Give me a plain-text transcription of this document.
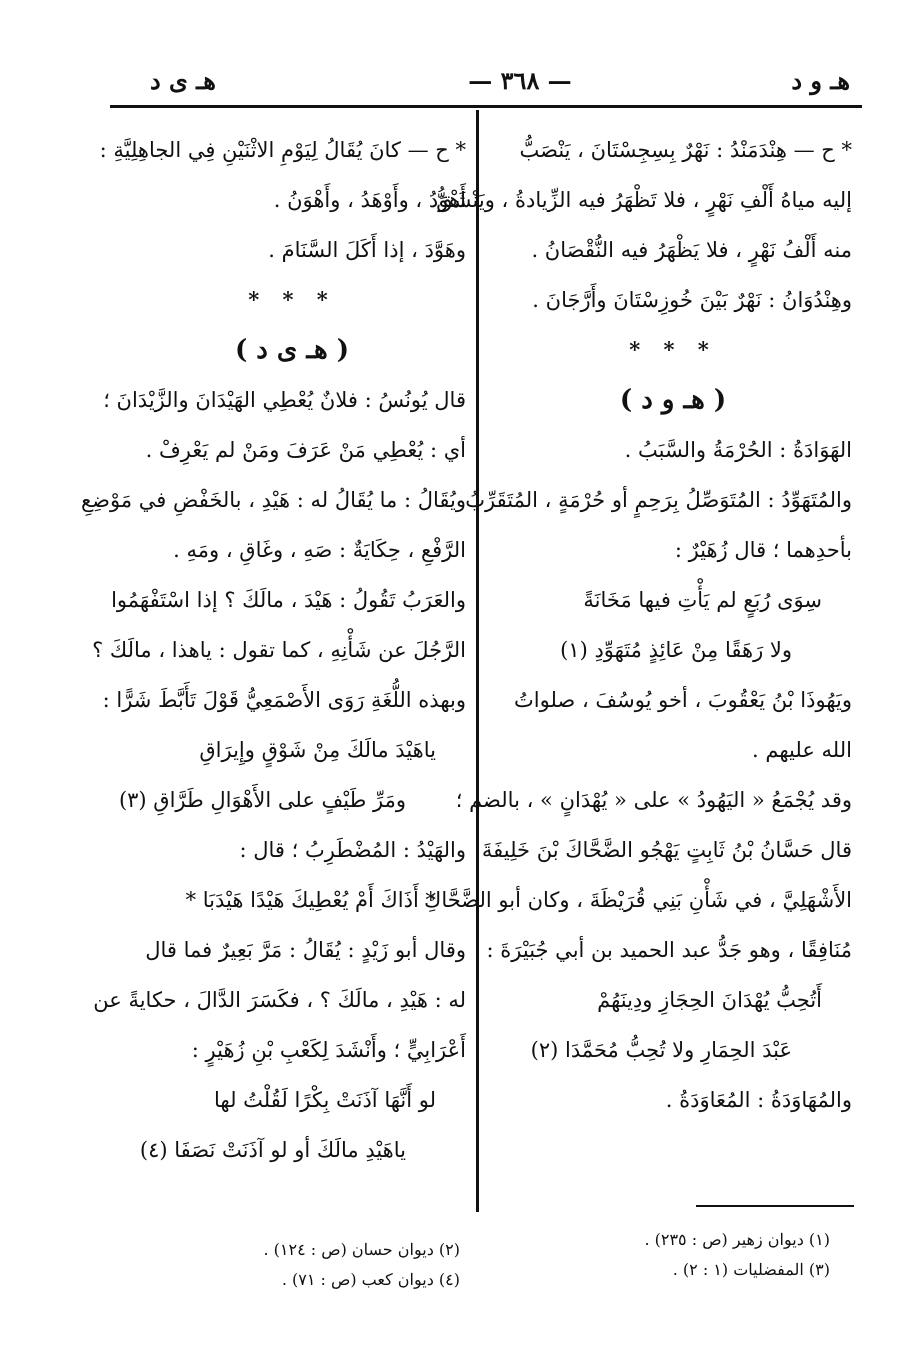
هـ ى د	— ٣٦٨ —	هـ و د
* ح — هِنْدَمَنْدُ : نَهْرٌ بِسِجِسْتَانَ ، يَنْصَبُّ
إليه مياهُ أَلْفِ نَهْرٍ ، فلا تَظْهَرُ فيه الزِّيادةُ ، ويَنْشَقُّ
منه أَلْفُ نَهْرٍ ، فلا يَظْهَرُ فيه النُّقْصَانُ .
وهِنْدُوَانُ : نَهْرٌ بَيْنَ خُوزِسْتَانَ وأَرَّجَانَ .
* * *
( هـ و د )
الهَوَادَةُ : الحُرْمَةُ والسَّبَبُ .
والمُتَهَوِّدُ : المُتَوَصِّلُ بِرَحِمٍ أو حُرْمَةٍ ، المُتَقَرِّبُ
بأحدِهما ؛ قال زُهَيْرٌ :
سِوَى رُبَعٍ لم يَأْتِ فيها مَخَانَةً
ولا رَهَقًا مِنْ عَائِذٍ مُتَهَوِّدِ (١)
ويَهُوذَا بْنُ يَعْقُوبَ ، أخو يُوسُفَ ، صلواتُ
الله عليهم .
وقد يُجْمَعُ « اليَهُودُ » على « يُهْدَانٍ » ، بالضم ؛
قال حَسَّانُ بْنُ ثَابِتٍ يَهْجُو الضَّحَّاكَ بْنَ خَلِيفَةَ
الأَشْهَلِيَّ ، في شَأْنِ بَنِي قُرَيْظَةَ ، وكان أبو الضَّحَّاكِ
مُنَافِقًا ، وهو جَدُّ عبد الحميد بن أبي جُبَيْرَةَ :
أَتُحِبُّ يُهْدَانَ الحِجَازِ ودِينَهُمْ
عَبْدَ الحِمَارِ ولا تُحِبُّ مُحَمَّدَا (٢)
والمُهَاوَدَةُ : المُعَاوَدَةُ .
* ح — كانَ يُقَالُ لِيَوْمِ الاثْنَيْنِ فِي الجاهِلِيَّةِ :
أَهْوَدُ ، وأَوْهَدُ ، وأَهْوَنُ .
وهَوَّدَ ، إذا أَكَلَ السَّنَامَ .
* * *
( هـ ى د )
قال يُونُسُ : فلانٌ يُعْطِي الهَيْدَانَ والزَّيْدَانَ ؛
أي : يُعْطِي مَنْ عَرَفَ ومَنْ لم يَعْرِفْ .
ويُقَالُ : ما يُقَالُ له : هَيْدِ ، بالخَفْضِ في مَوْضِعِ
الرَّفْعِ ، حِكَايَةٌ : صَهِ ، وغَاقِ ، ومَهِ .
والعَرَبُ تَقُولُ : هَيْدَ ، مالَكَ ؟ إذا اسْتَفْهَمُوا
الرَّجُلَ عن شَأْنِهِ ، كما تقول : ياهذا ، مالَكَ ؟
وبهذه اللُّغَةِ رَوَى الأَصْمَعِيُّ قَوْلَ تَأَبَّطَ شَرًّا :
ياهَيْدَ مالَكَ مِنْ شَوْقٍ وإِيرَاقِ
ومَرِّ طَيْفٍ على الأَهْوَالِ طَرَّاقِ (٣)
والهَيْدُ : المُضْطَرِبُ ؛ قال :
* أَذَاكَ أَمْ يُعْطِيكَ هَيْدًا هَيْدَبَا *
وقال أبو زَيْدٍ : يُقَالُ : مَرَّ بَعِيرٌ فما قال
له : هَيْدِ ، مالَكَ ؟ ، فكَسَرَ الدَّالَ ، حكايةً عن
أَعْرَابِيٍّ ؛ وأَنْشَدَ لِكَعْبِ بْنِ زُهَيْرٍ :
لو أَنَّهَا آذَنَتْ بِكْرًا لَقُلْتُ لها
ياهَيْدِ مالَكَ أو لو آذَنَتْ نَصَفَا (٤)
(١) ديوان زهير (ص : ٢٣٥) .
(٣) المفضليات (١ : ٢) .
(٢) ديوان حسان (ص : ١٢٤) .
(٤) ديوان كعب (ص : ٧١) .
